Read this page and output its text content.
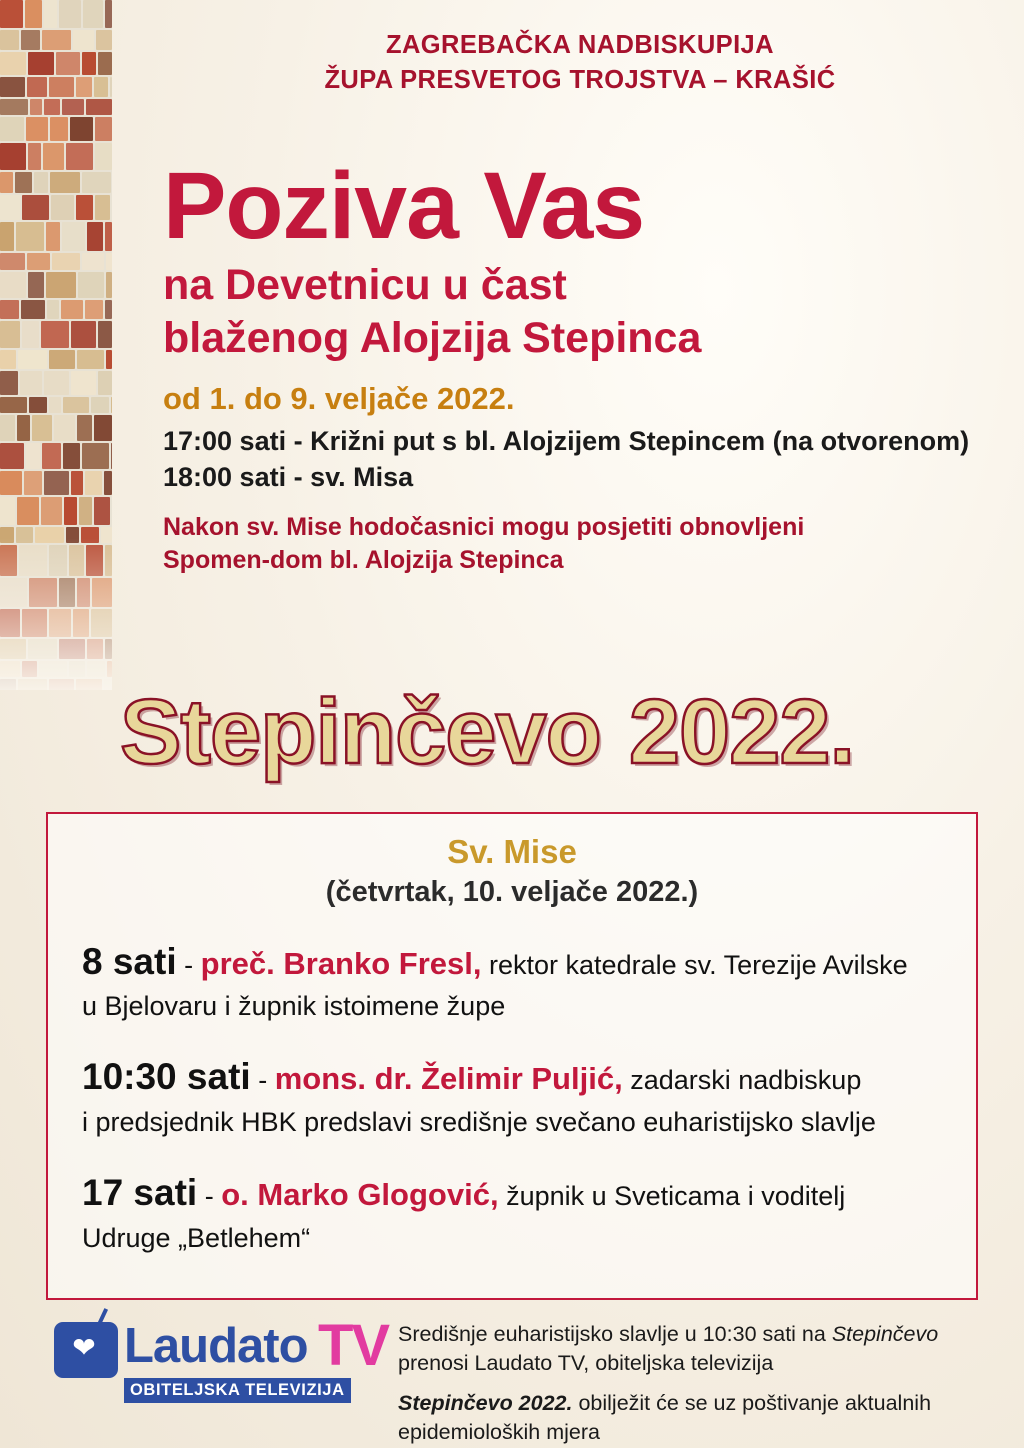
ZAGREBAČKA NADBISKUPIJA
ŽUPA PRESVETOG TROJSTVA – KRAŠIĆ
Poziva Vas
na Devetnicu u čast
blaženog Alojzija Stepinca
od 1. do 9. veljače 2022.
17:00 sati - Križni put s bl. Alojzijem Stepincem (na otvorenom)
18:00 sati - sv. Misa
Nakon sv. Mise hodočasnici mogu posjetiti obnovljeni
Spomen-dom bl. Alojzija Stepinca
Stepinčevo 2022.
Sv. Mise
(četvrtak, 10. veljače 2022.)
8 sati - preč. Branko Fresl, rektor katedrale sv. Terezije Avilske
u Bjelovaru i župnik istoimene župe
10:30 sati - mons. dr. Želimir Puljić, zadarski nadbiskup
i predsjednik HBK predslavi središnje svečano euharistijsko slavlje
17 sati - o. Marko Glogović, župnik u Sveticama i voditelj
Udruge „Betlehem“
❤ Laudato TV
OBITELJSKA TELEVIZIJA

Središnje euharistijsko slavlje u 10:30 sati na Stepinčevo
prenosi Laudato TV, obiteljska televizija

Stepinčevo 2022. obilježit će se uz poštivanje aktualnih
epidemioloških mjera
